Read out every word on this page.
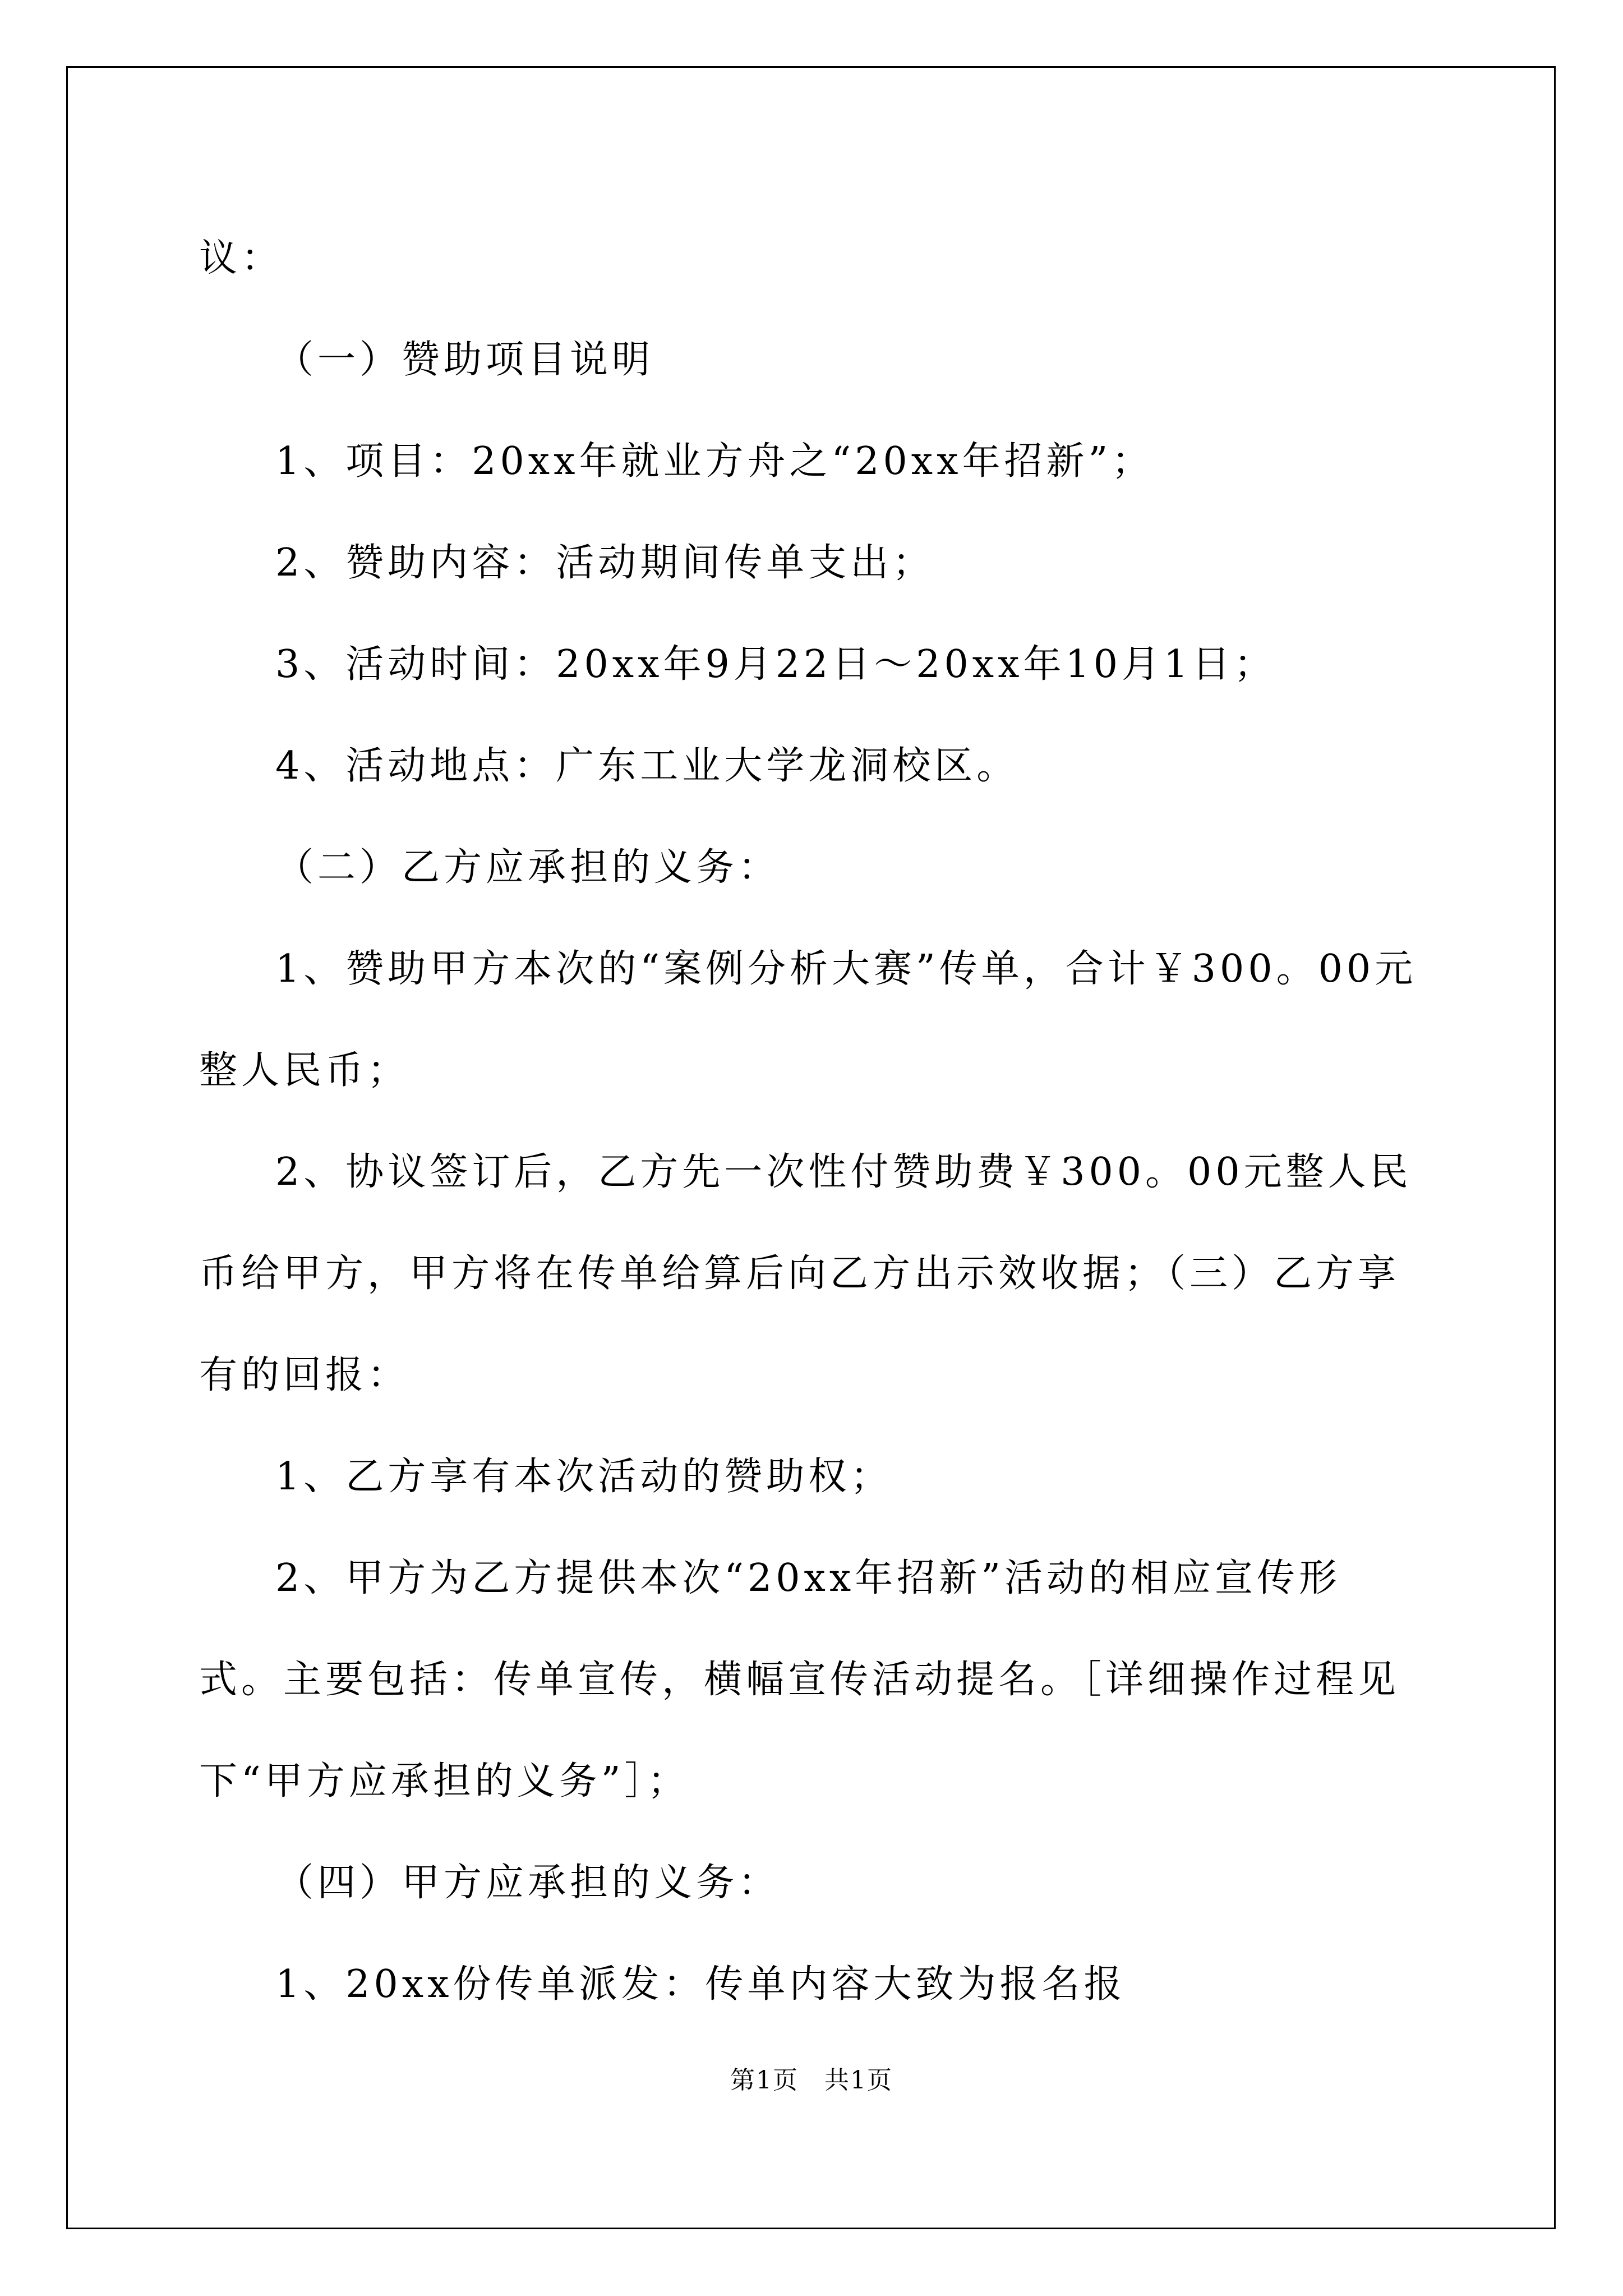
议：

（一）赞助项目说明

1、项目：20xx年就业方舟之“20xx年招新”；

2、赞助内容：活动期间传单支出；

3、活动时间：20xx年9月22日～20xx年10月1日；

4、活动地点：广东工业大学龙洞校区。

（二）乙方应承担的义务：

1、赞助甲方本次的“案例分析大赛”传单，合计￥300。00元整人民币；

2、协议签订后，乙方先一次性付赞助费￥300。00元整人民币给甲方，甲方将在传单给算后向乙方出示效收据；（三）乙方享有的回报：

1、乙方享有本次活动的赞助权；

2、甲方为乙方提供本次“20xx年招新”活动的相应宣传形式。主要包括：传单宣传，横幅宣传活动提名。［详细操作过程见下“甲方应承担的义务”］；

（四）甲方应承担的义务：

1、20xx份传单派发：传单内容大致为报名报

第1页　共1页
